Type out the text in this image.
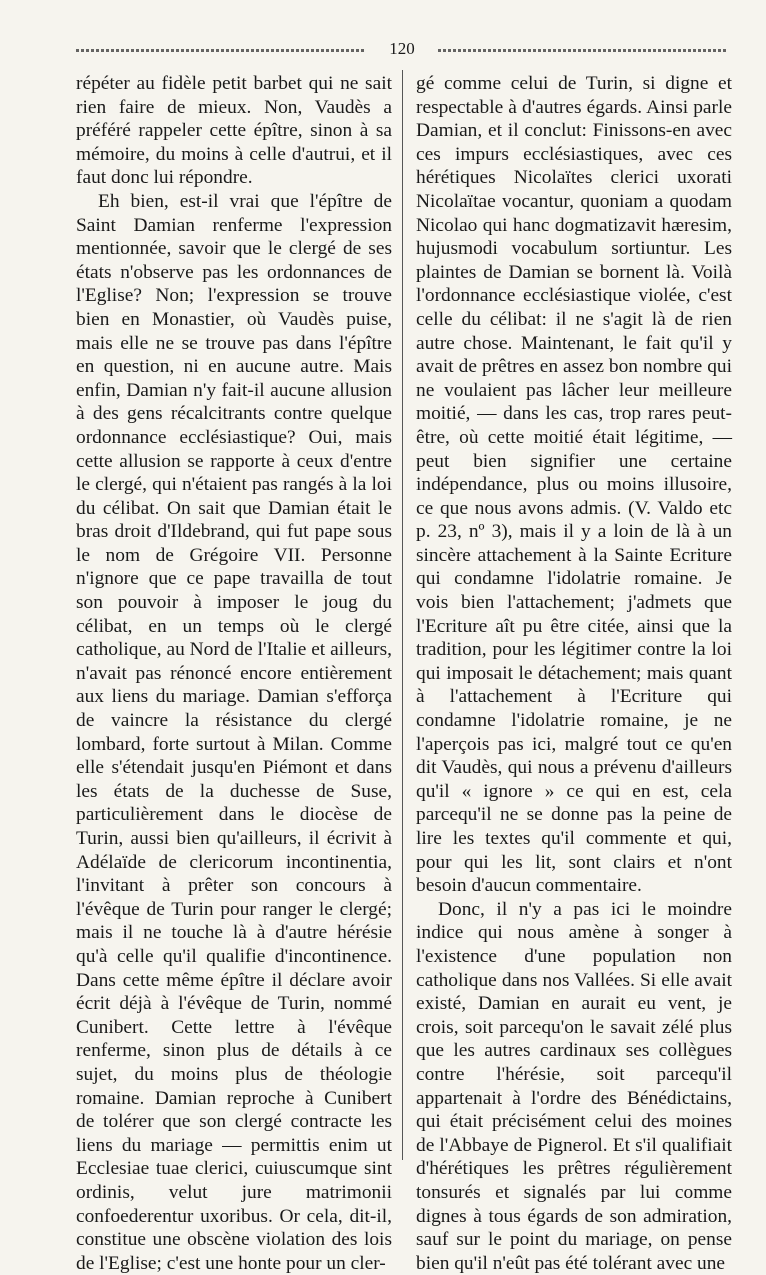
120

répéter au fidèle petit barbet qui ne sait rien faire de mieux. Non, Vaudès a préféré rappeler cette épître, sinon à sa mémoire, du moins à celle d'autrui, et il faut donc lui répondre.

Eh bien, est-il vrai que l'épître de Saint Damian renferme l'expression mentionnée, savoir que le clergé de ses états n'observe pas les ordonnances de l'Eglise? Non; l'expression se trouve bien en Monastier, où Vaudès puise, mais elle ne se trouve pas dans l'épître en question, ni en aucune autre. Mais enfin, Damian n'y fait-il aucune allusion à des gens récalcitrants contre quelque ordonnance ecclésiastique? Oui, mais cette allusion se rapporte à ceux d'entre le clergé, qui n'étaient pas rangés à la loi du célibat. On sait que Damian était le bras droit d'Ildebrand, qui fut pape sous le nom de Grégoire VII. Personne n'ignore que ce pape travailla de tout son pouvoir à imposer le joug du célibat, en un temps où le clergé catholique, au Nord de l'Italie et ailleurs, n'avait pas rénoncé encore entièrement aux liens du mariage. Damian s'efforça de vaincre la résistance du clergé lombard, forte surtout à Milan. Comme elle s'étendait jusqu'en Piémont et dans les états de la duchesse de Suse, particulièrement dans le diocèse de Turin, aussi bien qu'ailleurs, il écrivit à Adélaïde de clericorum incontinentia, l'invitant à prêter son concours à l'évêque de Turin pour ranger le clergé; mais il ne touche là à d'autre hérésie qu'à celle qu'il qualifie d'incontinence. Dans cette même épître il déclare avoir écrit déjà à l'évêque de Turin, nommé Cunibert. Cette lettre à l'évêque renferme, sinon plus de détails à ce sujet, du moins plus de théologie romaine. Damian reproche à Cunibert de tolérer que son clergé contracte les liens du mariage — permittis enim ut Ecclesiae tuae clerici, cuiuscumque sint ordinis, velut jure matrimonii confoederentur uxoribus. Or cela, dit-il, constitue une obscène violation des lois de l'Eglise; c'est une honte pour un cler-

gé comme celui de Turin, si digne et respectable à d'autres égards. Ainsi parle Damian, et il conclut: Finissons-en avec ces impurs ecclésiastiques, avec ces hérétiques Nicolaïtes clerici uxorati Nicolaïtae vocantur, quoniam a quodam Nicolao qui hanc dogmatizavit hæresim, hujusmodi vocabulum sortiuntur. Les plaintes de Damian se bornent là. Voilà l'ordonnance ecclésiastique violée, c'est celle du célibat: il ne s'agit là de rien autre chose. Maintenant, le fait qu'il y avait de prêtres en assez bon nombre qui ne voulaient pas lâcher leur meilleure moitié, — dans les cas, trop rares peut-être, où cette moitié était légitime, — peut bien signifier une certaine indépendance, plus ou moins illusoire, ce que nous avons admis. (V. Valdo etc p. 23, nº 3), mais il y a loin de là à un sincère attachement à la Sainte Ecriture qui condamne l'idolatrie romaine. Je vois bien l'attachement; j'admets que l'Ecriture aît pu être citée, ainsi que la tradition, pour les légitimer contre la loi qui imposait le détachement; mais quant à l'attachement à l'Ecriture qui condamne l'idolatrie romaine, je ne l'aperçois pas ici, malgré tout ce qu'en dit Vaudès, qui nous a prévenu d'ailleurs qu'il « ignore » ce qui en est, cela parcequ'il ne se donne pas la peine de lire les textes qu'il commente et qui, pour qui les lit, sont clairs et n'ont besoin d'aucun commentaire.

Donc, il n'y a pas ici le moindre indice qui nous amène à songer à l'existence d'une population non catholique dans nos Vallées. Si elle avait existé, Damian en aurait eu vent, je crois, soit parcequ'on le savait zélé plus que les autres cardinaux ses collègues contre l'hérésie, soit parcequ'il appartenait à l'ordre des Bénédictains, qui était précisément celui des moines de l'Abbaye de Pignerol. Et s'il qualifiait d'hérétiques les prêtres régulièrement tonsurés et signalés par lui comme dignes à tous égards de son admiration, sauf sur le point du mariage, on pense bien qu'il n'eût pas été tolérant avec une
